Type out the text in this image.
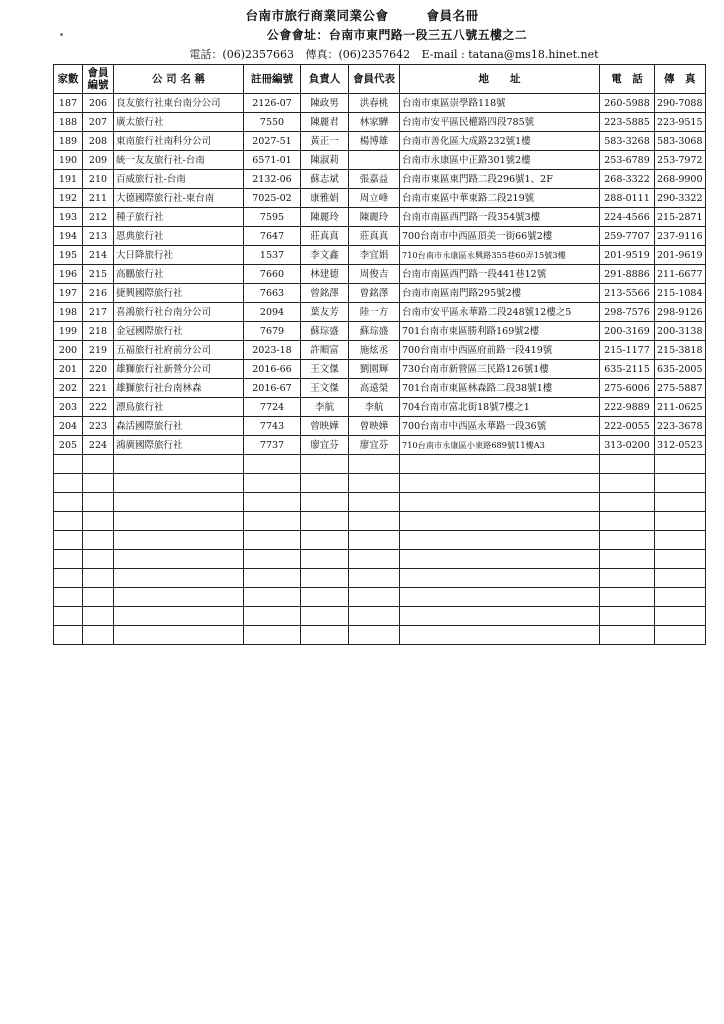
台南市旅行商業同業公會	會員名冊
公會會址：台南市東門路一段三五八號五樓之二
電話：(06)2357663 傳真：(06)2357642 E-mail : tatana@ms18.hinet.net
家數	會員編號	公 司 名 稱	註冊編號	負責人	會員代表	地　　址	電　話	傳　真
187	206	良友旅行社東台南分公司	2126-07	陳政男	洪春桃	台南市東區崇學路118號	260-5988	290-7088
188	207	廣太旅行社	7550	陳麗君	林家驊	台南市安平區民權路四段785號	223-5885	223-9515
189	208	東南旅行社南科分公司	2027-51	黃正一	楊博雄	台南市善化區大成路232號1樓	583-3268	583-3068
190	209	統一友友旅行社-台南	6571-01	陳淑莉		台南市永康區中正路301號2樓	253-6789	253-7972
191	210	百威旅行社-台南	2132-06	蘇志斌	張嘉益	台南市東區東門路二段296號1、2F	268-3322	268-9900
192	211	大德國際旅行社-東台南	7025-02	康雅娟	周立峰	台南市東區中華東路二段219號	288-0111	290-3322
193	212	種子旅行社	7595	陳麗玲	陳麗玲	台南市南區西門路一段354號3樓	224-4566	215-2871
194	213	恩典旅行社	7647	莊真真	莊真真	700台南市中西區頂美一街66號2樓	259-7707	237-9116
195	214	大日降旅行社	1537	李文鑫	李宜娟	710台南市永康區永興路355巷60弄15號3樓	201-9519	201-9619
196	215	高鵬旅行社	7660	林建德	周俊吉	台南市南區西門路一段441巷12號	291-8886	211-6677
197	216	捷興國際旅行社	7663	曾銘澤	曾銘澤	台南市南區南門路295號2樓	213-5566	215-1084
198	217	喜鴻旅行社台南分公司	2094	葉友芳	陸一方	台南市安平區永華路二段248號12樓之5	298-7576	298-9126
199	218	金冠國際旅行社	7679	蘇琮盛	蘇琮盛	701台南市東區勝利路169號2樓	200-3169	200-3138
200	219	五福旅行社府前分公司	2023-18	許順富	施炫丞	700台南市中西區府前路一段419號	215-1177	215-3818
201	220	雄獅旅行社新營分公司	2016-66	王文傑	劉園輝	730台南市新營區三民路126號1樓	635-2115	635-2005
202	221	雄獅旅行社台南林森	2016-67	王文傑	高遠榮	701台南市東區林森路二段38號1樓	275-6006	275-5887
203	222	漂鳥旅行社	7724	李航	李航	704台南市富北街18號7樓之1	222-9889	211-0625
204	223	森活國際旅行社	7743	曾映嬅	曾映嬅	700台南市中西區永華路一段36號	222-0055	223-3678
205	224	鴻廣國際旅行社	7737	廖宜芬	廖宜芬	710台南市永康區小東路689號11樓A3	313-0200	312-0523
